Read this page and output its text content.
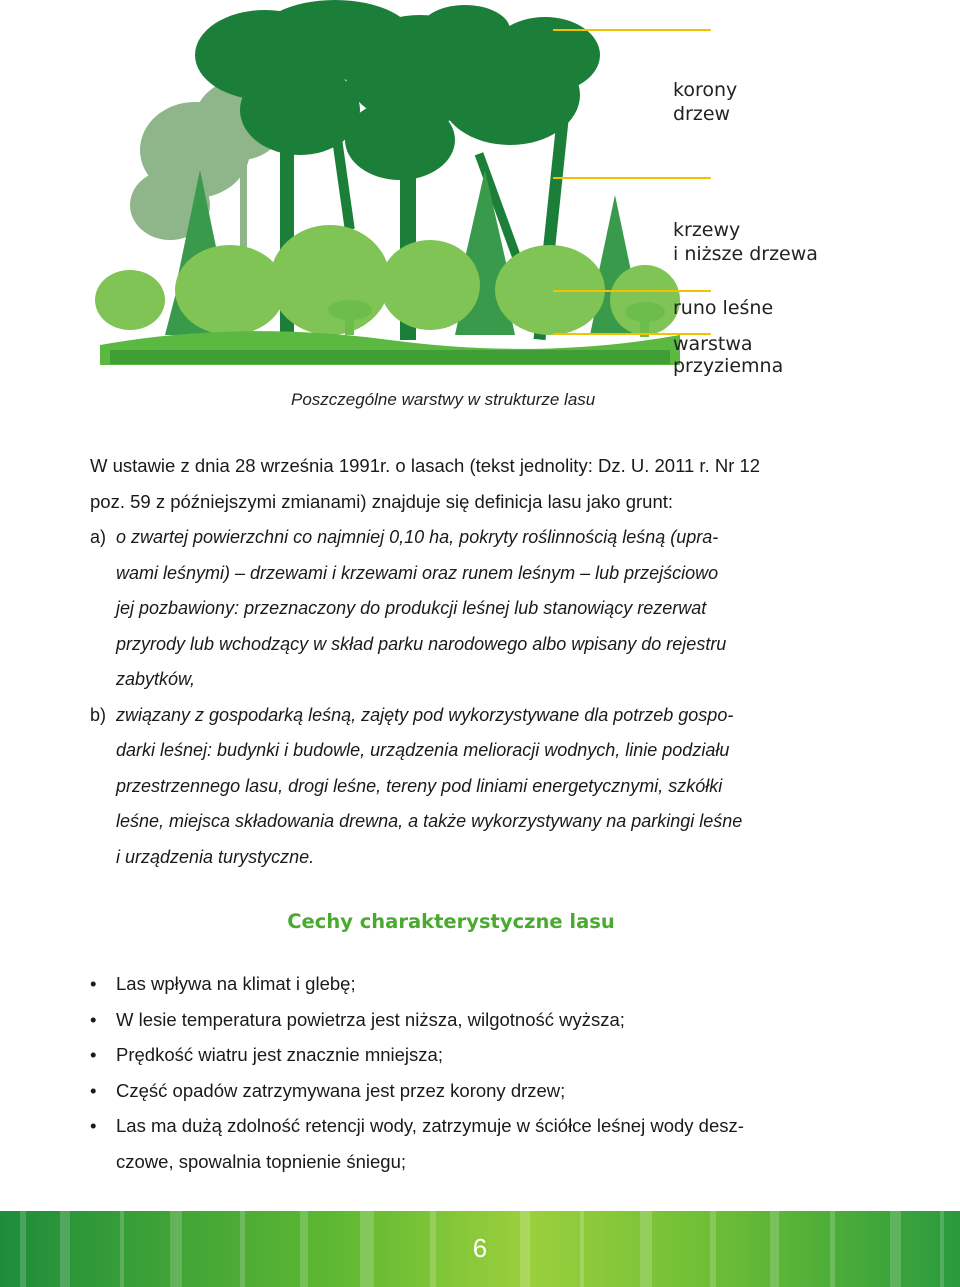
korony
drzew
krzewy
i niższe drzewa
runo leśne
warstwa
przyziemna
Poszczególne warstwy w strukturze lasu
W ustawie z dnia 28 września 1991r. o lasach (tekst jednolity: Dz. U. 2011 r. Nr 12
poz. 59 z późniejszymi zmianami) znajduje się definicja lasu jako grunt:
a) o zwartej powierzchni co najmniej 0,10 ha, pokryty roślinnością leśną (upra-
wami leśnymi) – drzewami i krzewami oraz runem leśnym – lub przejściowo
jej pozbawiony: przeznaczony do produkcji leśnej lub stanowiący rezerwat
przyrody lub wchodzący w skład parku narodowego albo wpisany do rejestru
zabytków,
b) związany z gospodarką leśną, zajęty pod wykorzystywane dla potrzeb gospo-
darki leśnej: budynki i budowle, urządzenia melioracji wodnych, linie podziału
przestrzennego lasu, drogi leśne, tereny pod liniami energetycznymi, szkółki
leśne, miejsca składowania drewna, a także wykorzystywany na parkingi leśne
i urządzenia turystyczne.
Cechy charakterystyczne lasu
• Las wpływa na klimat i glebę;
• W lesie temperatura powietrza jest niższa, wilgotność wyższa;
• Prędkość wiatru jest znacznie mniejsza;
• Część opadów zatrzymywana jest przez korony drzew;
• Las ma dużą zdolność retencji wody, zatrzymuje w ściółce leśnej wody desz-
czowe, spowalnia topnienie śniegu;
6
